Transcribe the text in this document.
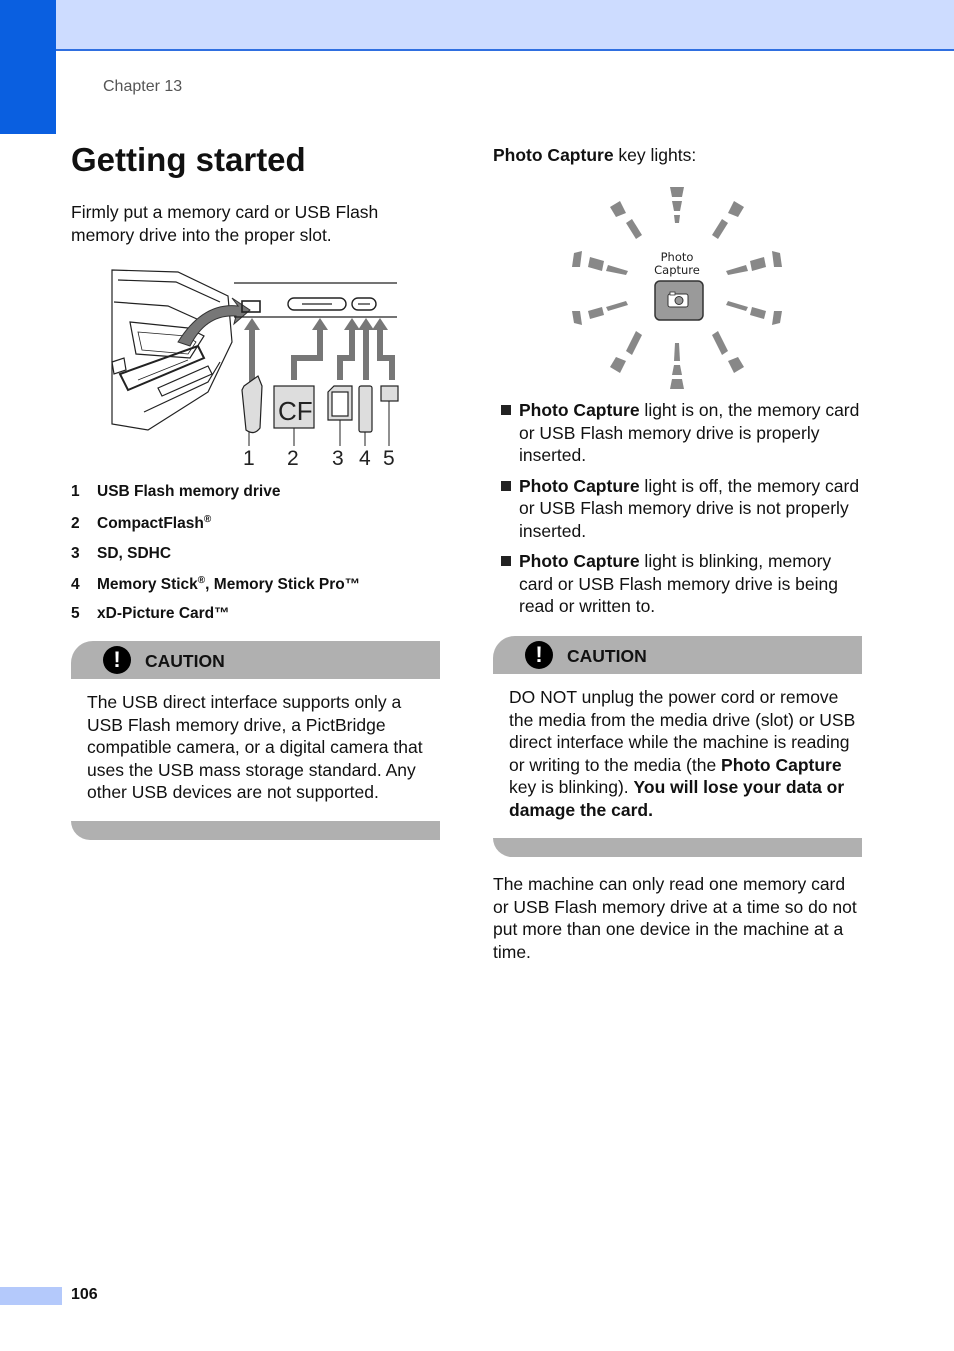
Chapter 13
Getting started

Firmly put a memory card or USB Flash memory drive into the proper slot.

CF
1 2 3 4 5
1 USB Flash memory drive
2 CompactFlash®
3 SD, SDHC
4 Memory Stick®, Memory Stick Pro™
5 xD-Picture Card™
!	CAUTION
The USB direct interface supports only a USB Flash memory drive, a PictBridge compatible camera, or a digital camera that uses the USB mass storage standard. Any other USB devices are not supported.
Photo Capture key lights:
Photo
Capture
Photo Capture light is on, the memory card or USB Flash memory drive is properly inserted.
Photo Capture light is off, the memory card or USB Flash memory drive is not properly inserted.
Photo Capture light is blinking, memory card or USB Flash memory drive is being read or written to.
!	CAUTION
DO NOT unplug the power cord or remove the media from the media drive (slot) or USB direct interface while the machine is reading or writing to the media (the Photo Capture key is blinking). You will lose your data or damage the card.

The machine can only read one memory card or USB Flash memory drive at a time so do not put more than one device in the machine at a time.

106
